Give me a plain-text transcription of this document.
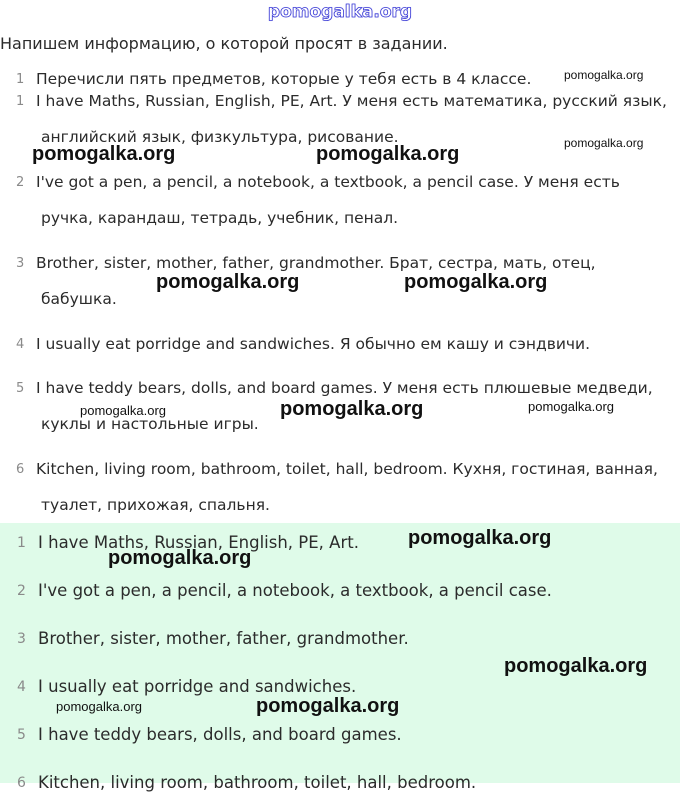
pomogalka.org
Напишем информацию, о которой просят в задании.
1 Перечисли пять предметов, которые у тебя есть в 4 классе.
1 I have Maths, Russian, English, PE, Art. У меня есть математика, русский язык,
английский язык, физкультура, рисование.
2 I've got a pen, a pencil, a notebook, a textbook, a pencil case. У меня есть
ручка, карандаш, тетрадь, учебник, пенал.
3 Brother, sister, mother, father, grandmother. Брат, сестра, мать, отец,
бабушка.
4 I usually eat porridge and sandwiches. Я обычно ем кашу и сэндвичи.
5 I have teddy bears, dolls, and board games. У меня есть плюшевые медведи,
куклы и настольные игры.
6 Kitchen, living room, bathroom, toilet, hall, bedroom. Кухня, гостиная, ванная,
туалет, прихожая, спальня.
1 I have Maths, Russian, English, PE, Art.
2 I've got a pen, a pencil, a notebook, a textbook, a pencil case.
3 Brother, sister, mother, father, grandmother.
4 I usually eat porridge and sandwiches.
5 I have teddy bears, dolls, and board games.
6 Kitchen, living room, bathroom, toilet, hall, bedroom.
pomogalka.org
pomogalka.org
pomogalka.org	pomogalka.org
pomogalka.org	pomogalka.org
pomogalka.org	pomogalka.org	pomogalka.org
pomogalka.org
pomogalka.org
pomogalka.org
pomogalka.org	pomogalka.org
